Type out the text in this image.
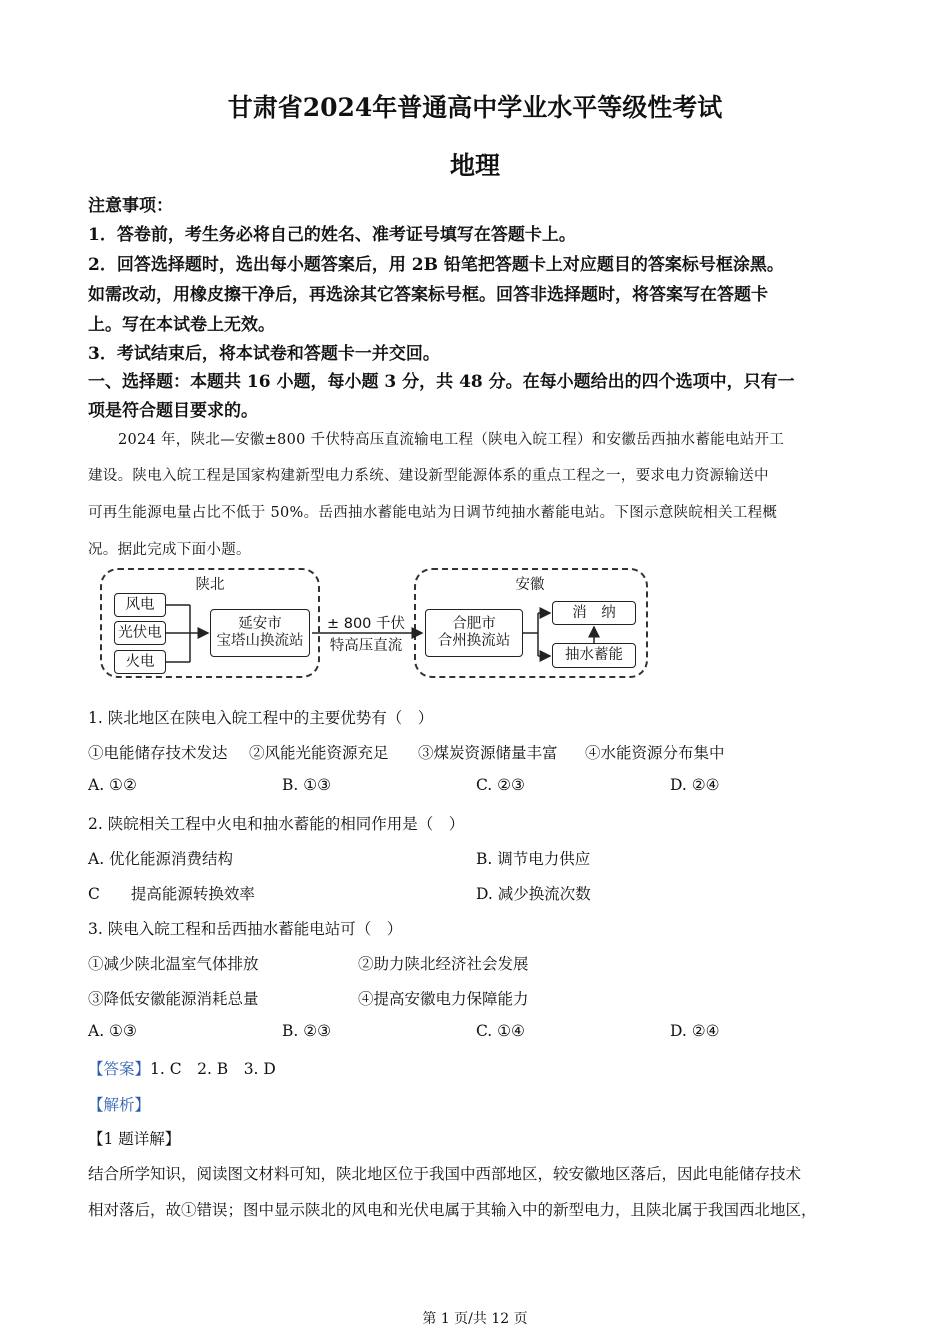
甘肃省2024年普通高中学业水平等级性考试
地理
注意事项：
1．答卷前，考生务必将自己的姓名、准考证号填写在答题卡上。
2．回答选择题时，选出每小题答案后，用 2B 铅笔把答题卡上对应题目的答案标号框涂黑。
如需改动，用橡皮擦干净后，再选涂其它答案标号框。回答非选择题时，将答案写在答题卡
上。写在本试卷上无效。
3．考试结束后，将本试卷和答题卡一并交回。
一、选择题：本题共 16 小题，每小题 3 分，共 48 分。在每小题给出的四个选项中，只有一
项是符合题目要求的。
2024 年，陕北—安徽±800 千伏特高压直流输电工程（陕电入皖工程）和安徽岳西抽水蓄能电站开工
建设。陕电入皖工程是国家构建新型电力系统、建设新型能源体系的重点工程之一，要求电力资源输送中
可再生能源电量占比不低于 50%。岳西抽水蓄能电站为日调节纯抽水蓄能电站。下图示意陕皖相关工程概
况。据此完成下面小题。
陕北
风电
光伏电
火电
延安市
宝塔山换流站
± 800 千伏
特高压直流
安徽
合肥市
合州换流站
消　纳
抽水蓄能
1. 陕北地区在陕电入皖工程中的主要优势有（　）
①电能储存技术发达 ②风能光能资源充足 ③煤炭资源储量丰富 ④水能资源分布集中
A. ①②	B. ①③	C. ②③	D. ②④
2. 陕皖相关工程中火电和抽水蓄能的相同作用是（　）
A. 优化能源消费结构	B. 调节电力供应
C　　提高能源转换效率	D. 减少换流次数
3. 陕电入皖工程和岳西抽水蓄能电站可（　）
①减少陕北温室气体排放	②助力陕北经济社会发展
③降低安徽能源消耗总量	④提高安徽电力保障能力
A. ①③	B. ②③	C. ①④	D. ②④
【答案】1. C　2. B　3. D
【解析】
【1 题详解】
结合所学知识，阅读图文材料可知，陕北地区位于我国中西部地区，较安徽地区落后，因此电能储存技术
相对落后，故①错误；图中显示陕北的风电和光伏电属于其输入中的新型电力，且陕北属于我国西北地区，
第 1 页/共 12 页
